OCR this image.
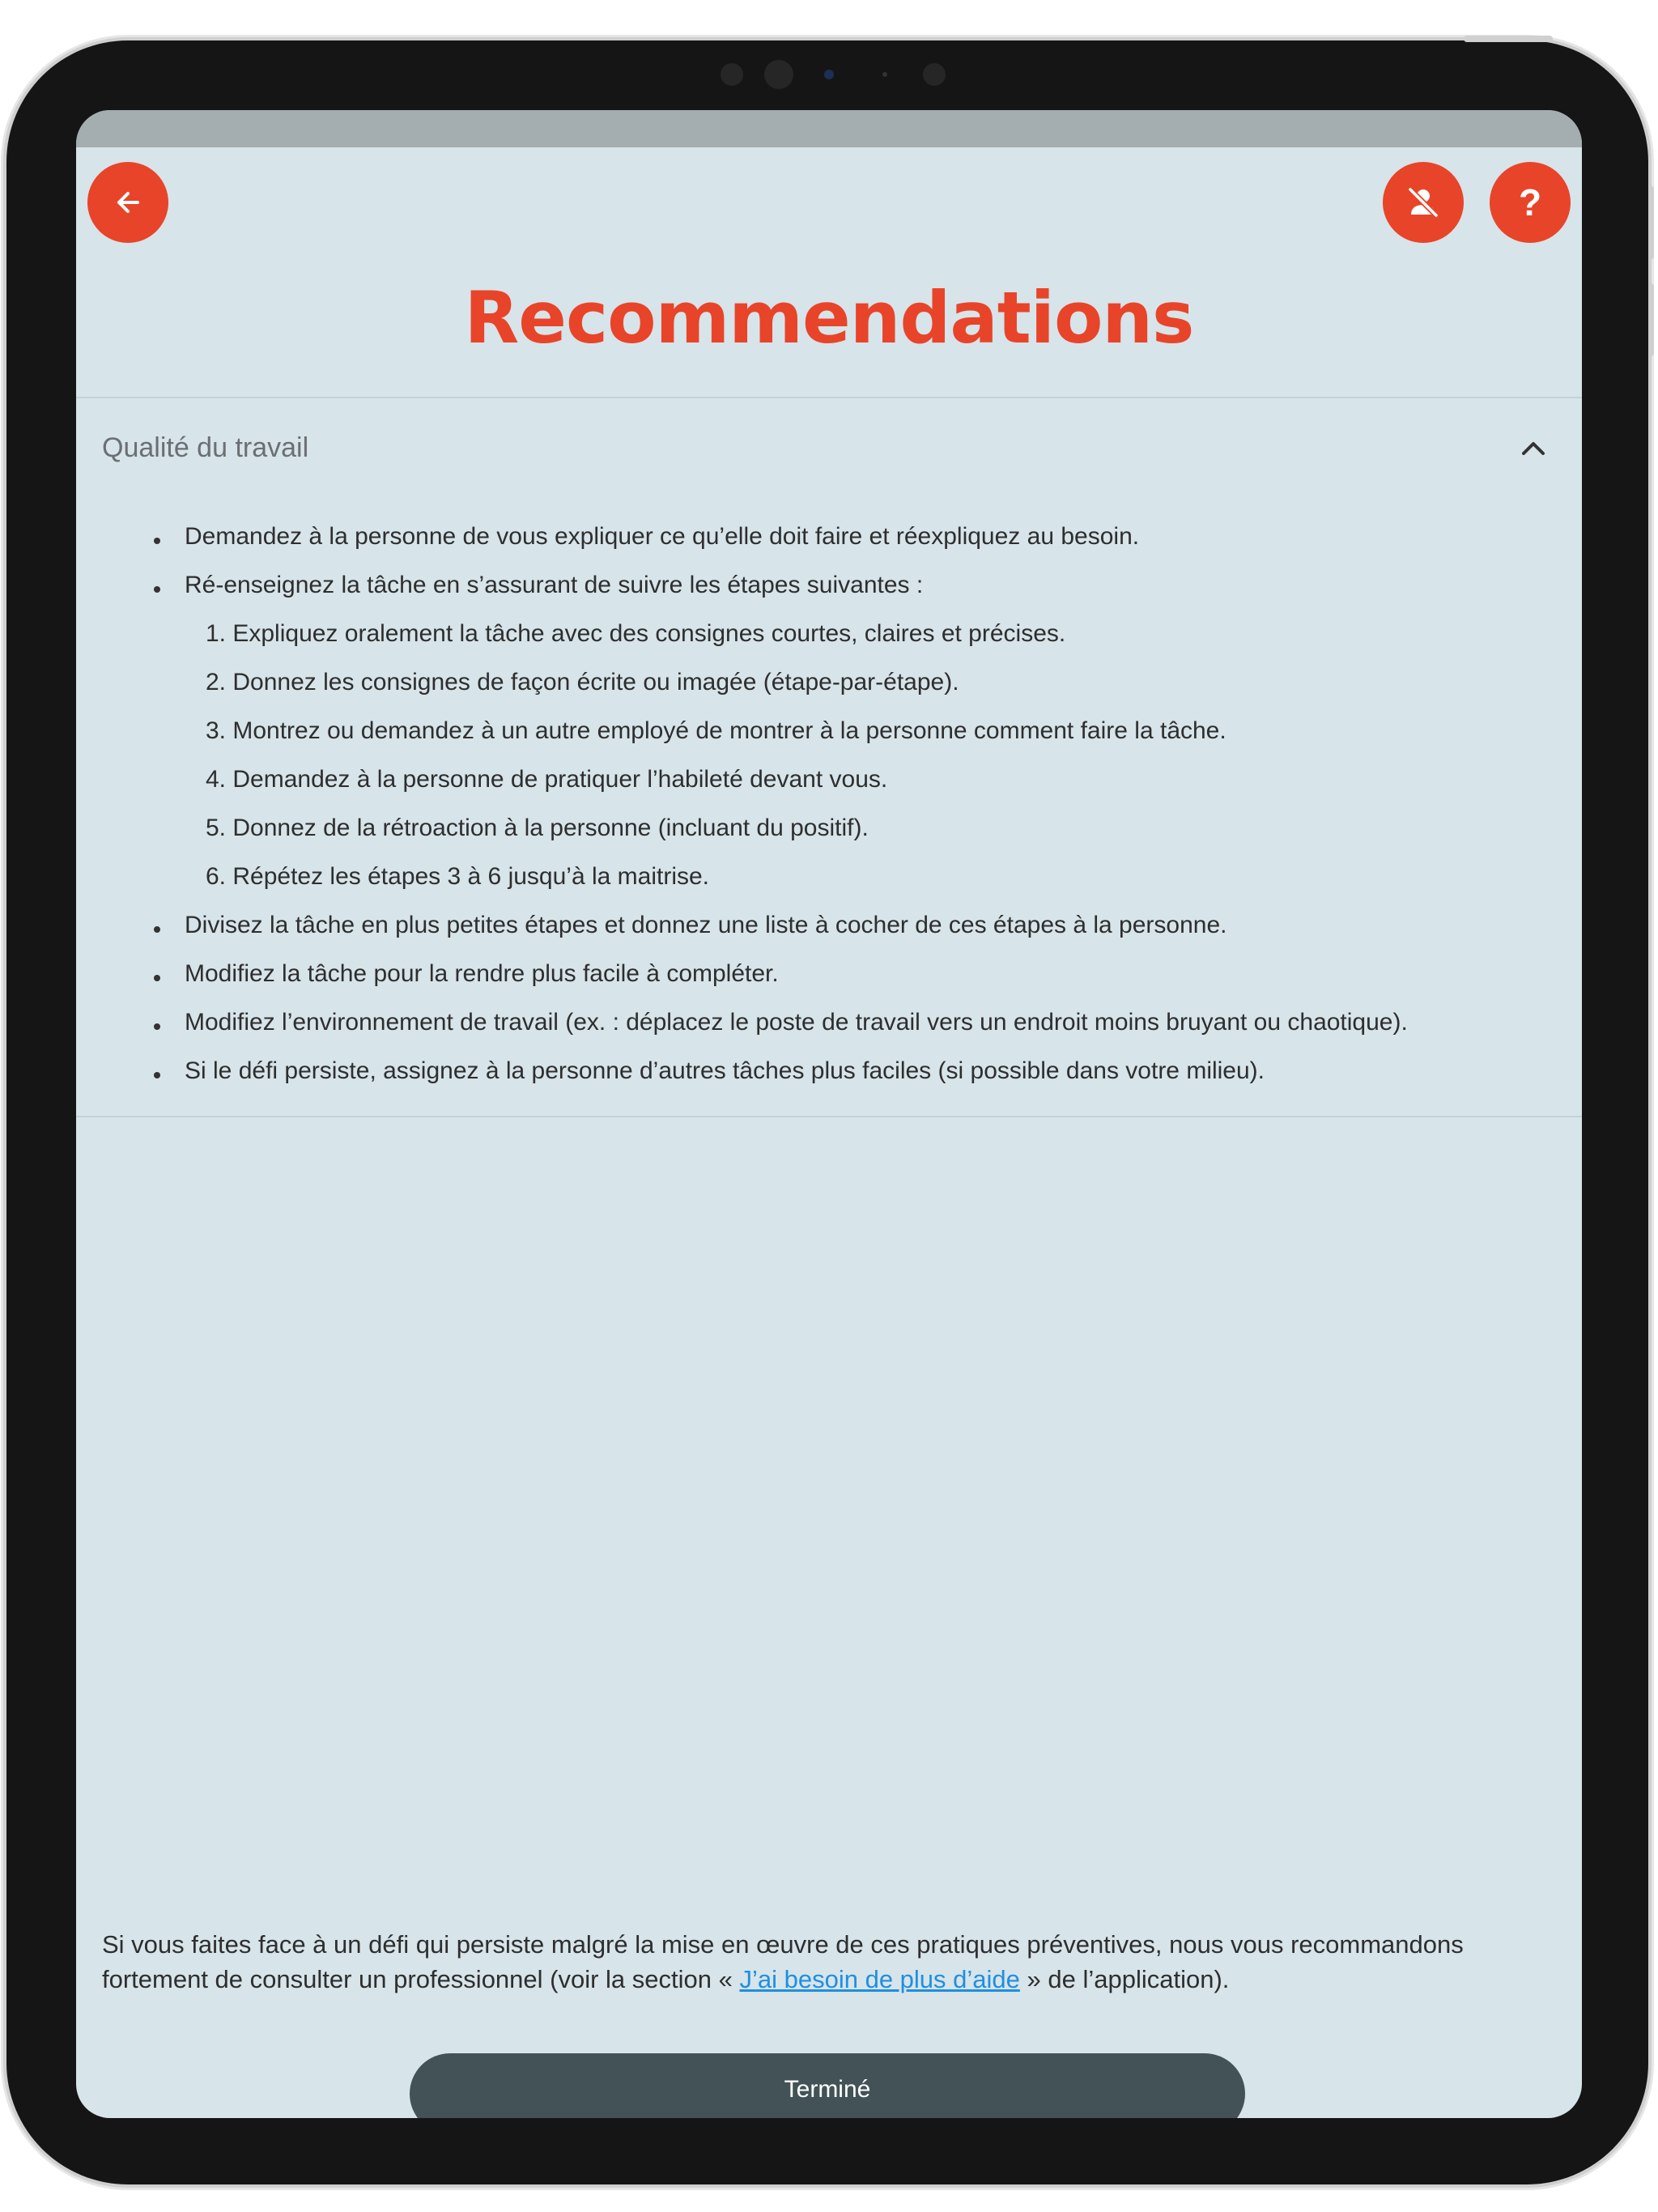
?
Recommendations
Qualité du travail
Demandez à la personne de vous expliquer ce qu’elle doit faire et réexpliquez au besoin.
Ré-enseignez la tâche en s’assurant de suivre les étapes suivantes :
1. Expliquez oralement la tâche avec des consignes courtes, claires et précises.
2. Donnez les consignes de façon écrite ou imagée (étape-par-étape).
3. Montrez ou demandez à un autre employé de montrer à la personne comment faire la tâche.
4. Demandez à la personne de pratiquer l’habileté devant vous.
5. Donnez de la rétroaction à la personne (incluant du positif).
6. Répétez les étapes 3 à 6 jusqu’à la maitrise.
Divisez la tâche en plus petites étapes et donnez une liste à cocher de ces étapes à la personne.
Modifiez la tâche pour la rendre plus facile à compléter.
Modifiez l’environnement de travail (ex. : déplacez le poste de travail vers un endroit moins bruyant ou chaotique).
Si le défi persiste, assignez à la personne d’autres tâches plus faciles (si possible dans votre milieu).
Si vous faites face à un défi qui persiste malgré la mise en œuvre de ces pratiques préventives, nous vous recommandons fortement de consulter un professionnel (voir la section « J’ai besoin de plus d’aide » de l’application).
Terminé
